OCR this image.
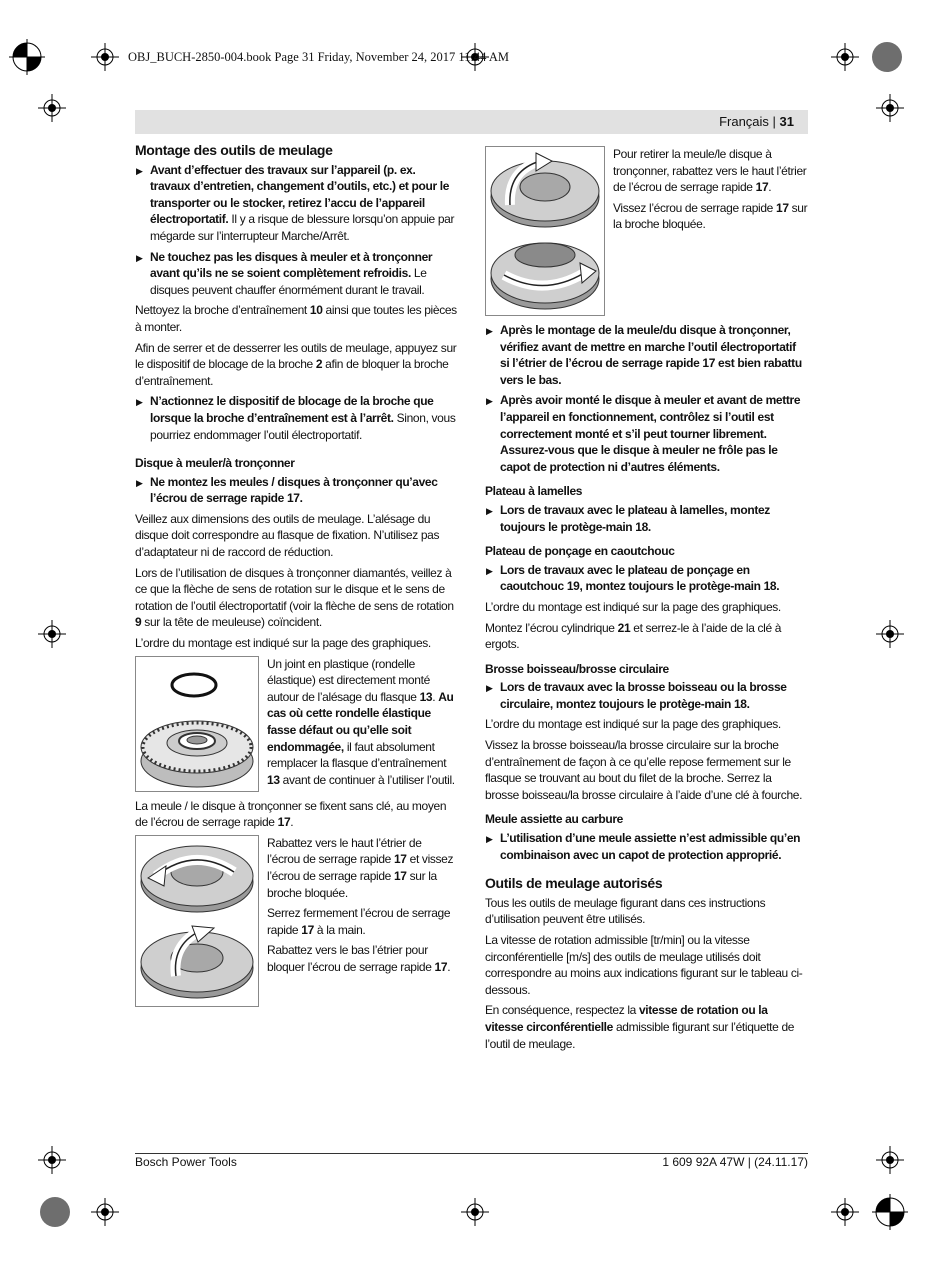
OBJ_BUCH-2850-004.book Page 31 Friday, November 24, 2017 11:44 AM
Français | 31
Montage des outils de meulage

▶ Avant d’effectuer des travaux sur l’appareil (p. ex. travaux d’entretien, changement d’outils, etc.) et pour le transporter ou le stocker, retirez l’accu de l’appareil électroportatif. Il y a risque de blessure lorsqu’on appuie par mégarde sur l’interrupteur Marche/Arrêt.

▶ Ne touchez pas les disques à meuler et à tronçonner avant qu’ils ne se soient complètement refroidis. Le disques peuvent chauffer énormément durant le travail.

Nettoyez la broche d’entraînement 10 ainsi que toutes les pièces à monter.

Afin de serrer et de desserrer les outils de meulage, appuyez sur le dispositif de blocage de la broche 2 afin de bloquer la broche d’entraînement.

▶ N’actionnez le dispositif de blocage de la broche que lorsque la broche d’entraînement est à l’arrêt. Sinon, vous pourriez endommager l’outil électroportatif.

Disque à meuler/à tronçonner

▶ Ne montez les meules / disques à tronçonner qu’avec l’écrou de serrage rapide 17.

Veillez aux dimensions des outils de meulage. L’alésage du disque doit correspondre au flasque de fixation. N’utilisez pas d’adaptateur ni de raccord de réduction.

Lors de l’utilisation de disques à tronçonner diamantés, veillez à ce que la flèche de sens de rotation sur le disque et le sens de rotation de l’outil électroportatif (voir la flèche de sens de rotation 9 sur la tête de meuleuse) coïncident.

L’ordre du montage est indiqué sur la page des graphiques.

Un joint en plastique (rondelle élastique) est directement monté autour de l’alésage du flasque 13. Au cas où cette rondelle élastique fasse défaut ou qu’elle soit endommagée, il faut absolument remplacer la flasque d’entraînement 13 avant de continuer à l’utiliser l’outil.

La meule / le disque à tronçonner se fixent sans clé, au moyen de l’écrou de serrage rapide 17.

Rabattez vers le haut l’étrier de l’écrou de serrage rapide 17 et vissez l’écrou de serrage rapide 17 sur la broche bloquée.

Serrez fermement l’écrou de serrage rapide 17 à la main.

Rabattez vers le bas l’étrier pour bloquer l’écrou de serrage rapide 17.

Pour retirer la meule/le disque à tronçonner, rabattez vers le haut l’étrier de l’écrou de serrage rapide 17.

Vissez l’écrou de serrage rapide 17 sur la broche bloquée.

▶ Après le montage de la meule/du disque à tronçonner, vérifiez avant de mettre en marche l’outil électroportatif si l’étrier de l’écrou de serrage rapide 17 est bien rabattu vers le bas.

▶ Après avoir monté le disque à meuler et avant de mettre l’appareil en fonctionnement, contrôlez si l’outil est correctement monté et s’il peut tourner librement. Assurez-vous que le disque à meuler ne frôle pas le capot de protection ni d’autres éléments.

Plateau à lamelles

▶ Lors de travaux avec le plateau à lamelles, montez toujours le protège-main 18.

Plateau de ponçage en caoutchouc

▶ Lors de travaux avec le plateau de ponçage en caoutchouc 19, montez toujours le protège-main 18.

L’ordre du montage est indiqué sur la page des graphiques.

Montez l’écrou cylindrique 21 et serrez-le à l’aide de la clé à ergots.

Brosse boisseau/brosse circulaire

▶ Lors de travaux avec la brosse boisseau ou la brosse circulaire, montez toujours le protège-main 18.

L’ordre du montage est indiqué sur la page des graphiques.

Vissez la brosse boisseau/la brosse circulaire sur la broche d’entraînement de façon à ce qu’elle repose fermement sur le flasque se trouvant au bout du filet de la broche. Serrez la brosse boisseau/la brosse circulaire à l’aide d’une clé à fourche.

Meule assiette au carbure

▶ L’utilisation d’une meule assiette n’est admissible qu’en combinaison avec un capot de protection approprié.

Outils de meulage autorisés

Tous les outils de meulage figurant dans ces instructions d’utilisation peuvent être utilisés.

La vitesse de rotation admissible [tr/min] ou la vitesse circonférentielle [m/s] des outils de meulage utilisés doit correspondre au moins aux indications figurant sur le tableau ci-dessous.

En conséquence, respectez la vitesse de rotation ou la vitesse circonférentielle admissible figurant sur l’étiquette de l’outil de meulage.

Bosch Power Tools	1 609 92A 47W | (24.11.17)
